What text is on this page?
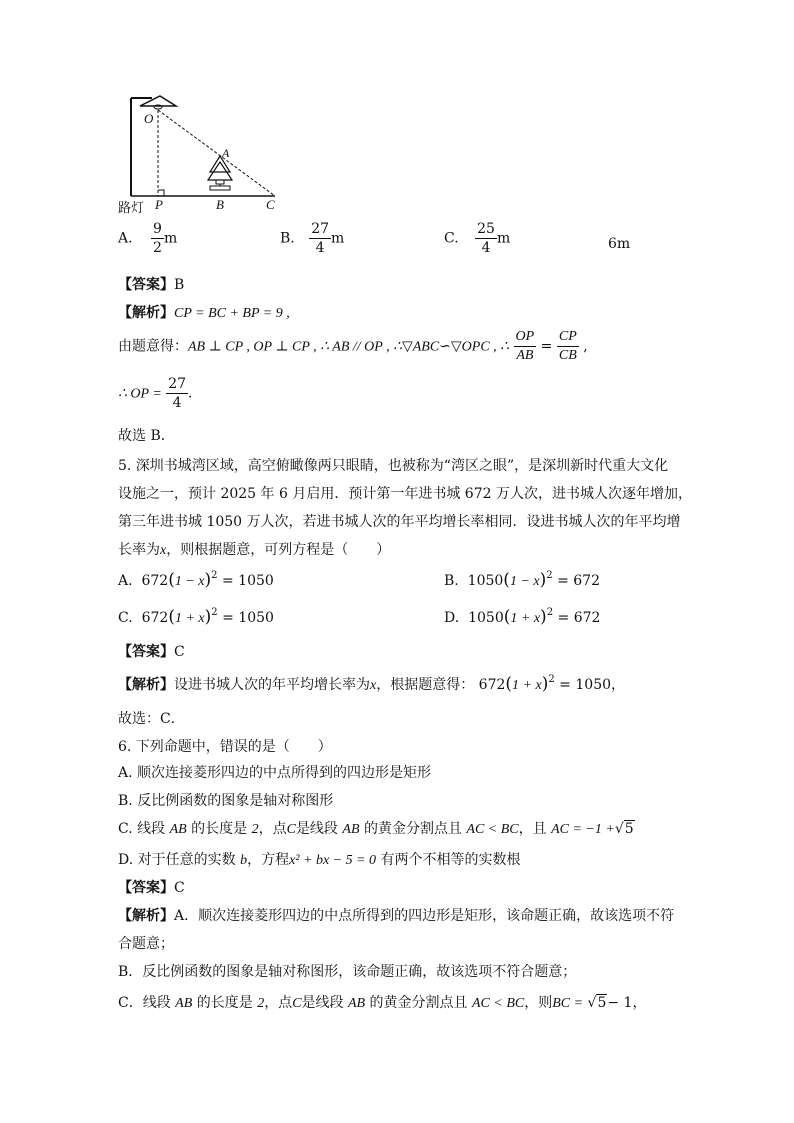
O
A
路灯 P	B	C
A. $\frac{9}{2}$ m	B. $\frac{27}{4}$ m	C. $\frac{25}{4}$ m	6m
【答案】B
【解析】CP = BC + BP = 9 ,
由题意得：AB ⊥ CP , OP ⊥ CP , ∴ AB // OP , ∴▽ABC∽▽OPC , ∴ $\frac{OP}{AB} = \frac{CP}{CB}$ ,
∴ OP = $\frac{27}{4}$ ．
故选 B．
5. 深圳书城湾区域，高空俯瞰像两只眼睛，也被称为“湾区之眼”，是深圳新时代重大文化
设施之一，预计 2025 年 6 月启用．预计第一年进书城 672 万人次，进书城人次逐年增加，
第三年进书城 1050 万人次，若进书城人次的年平均增长率相同．设进书城人次的年平均增
长率为x，则根据题意，可列方程是（　　）
A. $672(1 - x)^2 = 1050$	B. $1050(1 - x)^2 = 672$
C. $672(1 + x)^2 = 1050$	D. $1050(1 + x)^2 = 672$
【答案】C
【解析】设进书城人次的年平均增长率为x，根据题意得： $672(1 + x)^2 = 1050$，
故选：C．
6. 下列命题中，错误的是（　　）
A. 顺次连接菱形四边的中点所得到的四边形是矩形
B. 反比例函数的图象是轴对称图形
C. 线段 AB 的长度是 2，点C是线段 AB 的黄金分割点且 AC < BC，且 AC = −1 +√5
D. 对于任意的实数 b，方程x² + bx − 5 = 0 有两个不相等的实数根
【答案】C
【解析】A．顺次连接菱形四边的中点所得到的四边形是矩形，该命题正确，故该选项不符
合题意；
B．反比例函数的图象是轴对称图形，该命题正确，故该选项不符合题意；
C．线段 AB 的长度是 2，点C是线段 AB 的黄金分割点且 AC < BC，则BC = √5− 1，
